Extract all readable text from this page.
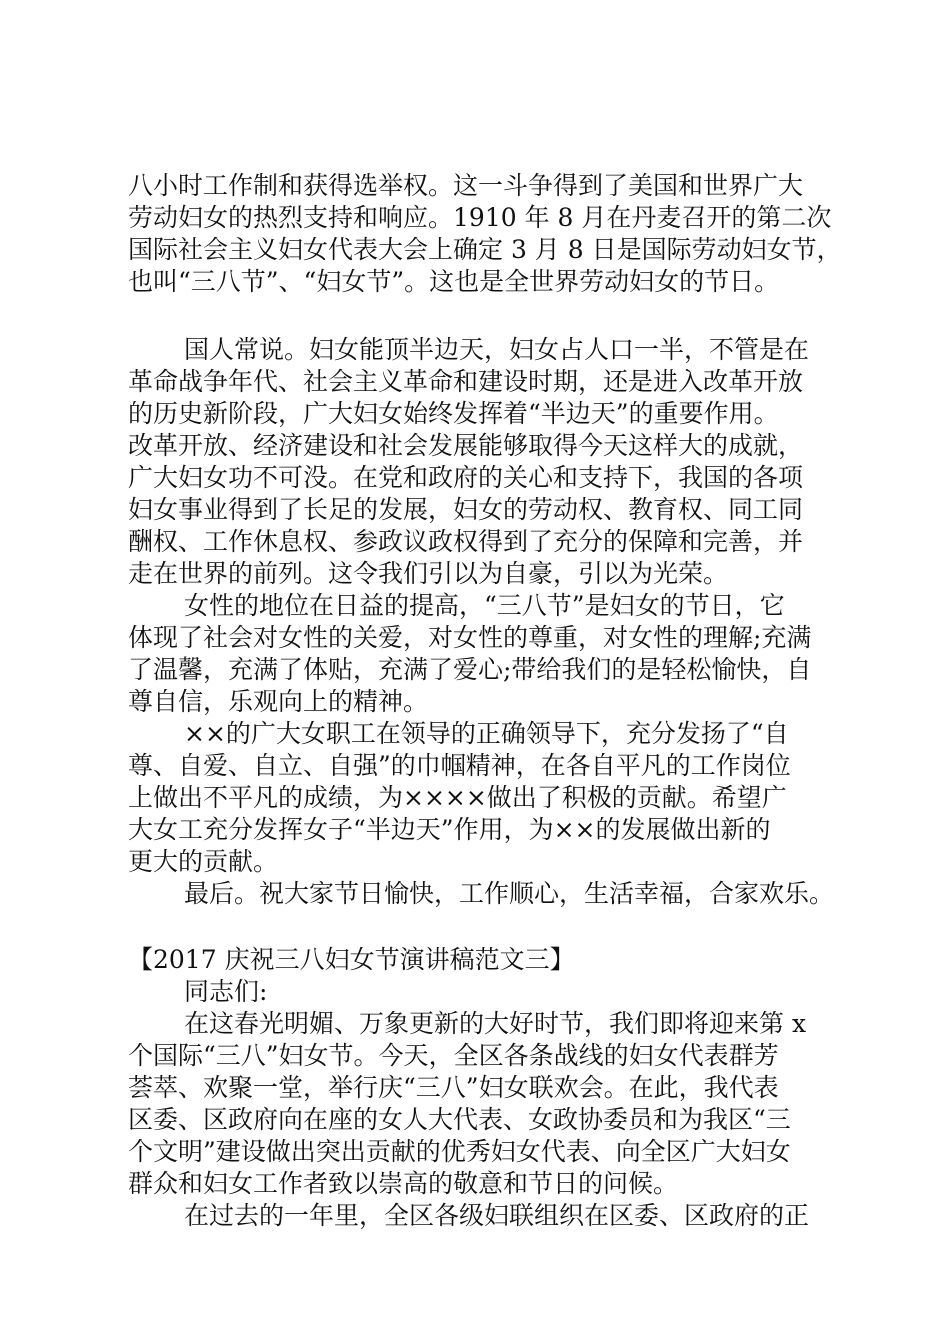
八小时工作制和获得选举权。这一斗争得到了美国和世界广大
劳动妇女的热烈支持和响应。1910 年 8 月在丹麦召开的第二次
国际社会主义妇女代表大会上确定 3 月 8 日是国际劳动妇女节，
也叫“三八节”、“妇女节”。这也是全世界劳动妇女的节日。
国人常说。妇女能顶半边天，妇女占人口一半，不管是在
革命战争年代、社会主义革命和建设时期，还是进入改革开放
的历史新阶段，广大妇女始终发挥着“半边天”的重要作用。
改革开放、经济建设和社会发展能够取得今天这样大的成就，
广大妇女功不可没。在党和政府的关心和支持下，我国的各项
妇女事业得到了长足的发展，妇女的劳动权、教育权、同工同
酬权、工作休息权、参政议政权得到了充分的保障和完善，并
走在世界的前列。这令我们引以为自豪，引以为光荣。
女性的地位在日益的提高，“三八节”是妇女的节日，它
体现了社会对女性的关爱，对女性的尊重，对女性的理解;充满
了温馨，充满了体贴，充满了爱心;带给我们的是轻松愉快，自
尊自信，乐观向上的精神。
××的广大女职工在领导的正确领导下，充分发扬了“自
尊、自爱、自立、自强”的巾帼精神，在各自平凡的工作岗位
上做出不平凡的成绩，为××××做出了积极的贡献。希望广
大女工充分发挥女子“半边天”作用，为××的发展做出新的
更大的贡献。
最后。祝大家节日愉快，工作顺心，生活幸福，合家欢乐。
【2017 庆祝三八妇女节演讲稿范文三】
同志们:
在这春光明媚、万象更新的大好时节，我们即将迎来第 x
个国际“三八”妇女节。今天，全区各条战线的妇女代表群芳
荟萃、欢聚一堂，举行庆“三八”妇女联欢会。在此，我代表
区委、区政府向在座的女人大代表、女政协委员和为我区“三
个文明”建设做出突出贡献的优秀妇女代表、向全区广大妇女
群众和妇女工作者致以崇高的敬意和节日的问候。
在过去的一年里，全区各级妇联组织在区委、区政府的正
